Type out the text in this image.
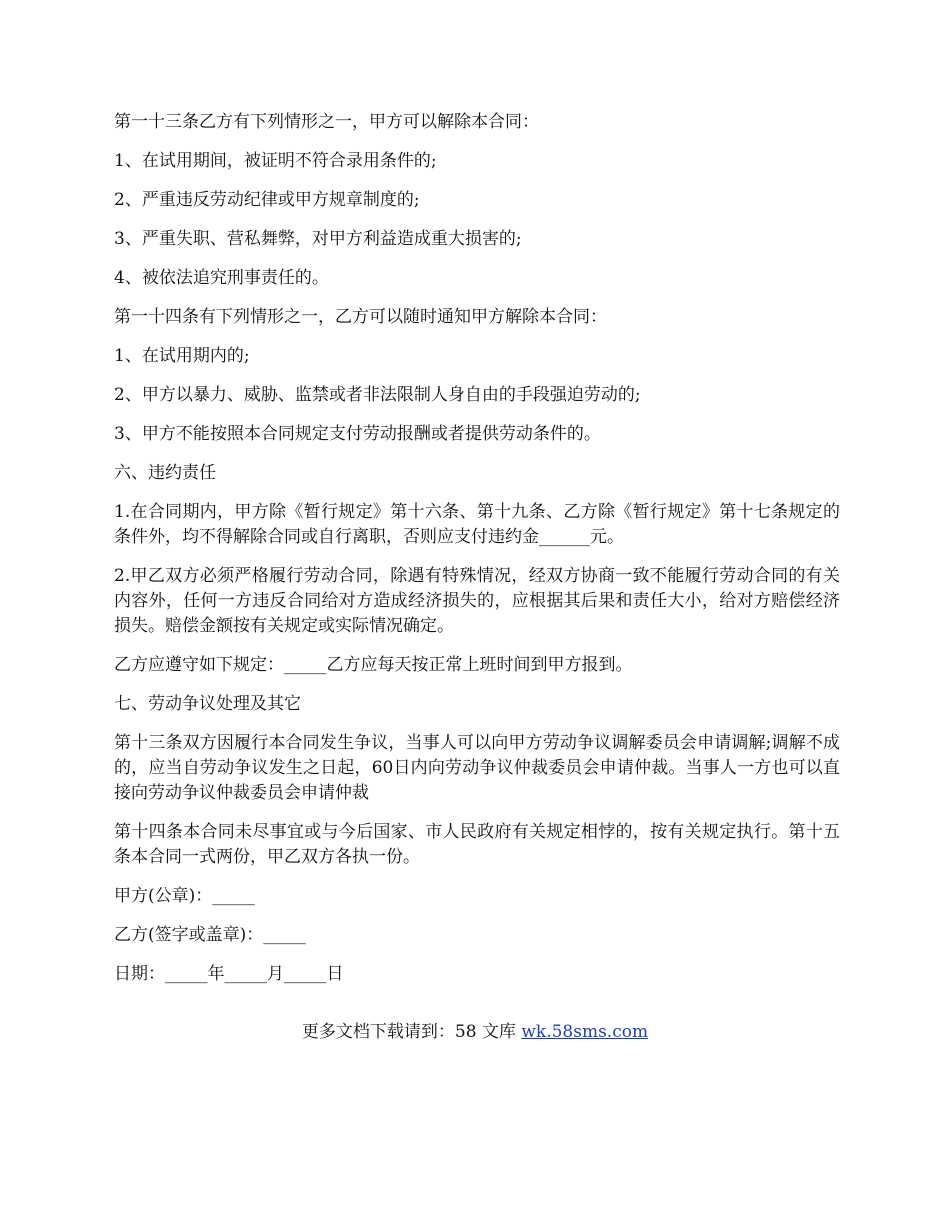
第一十三条乙方有下列情形之一，甲方可以解除本合同：

1、在试用期间，被证明不符合录用条件的;

2、严重违反劳动纪律或甲方规章制度的;

3、严重失职、营私舞弊，对甲方利益造成重大损害的;

4、被依法追究刑事责任的。

第一十四条有下列情形之一，乙方可以随时通知甲方解除本合同：

1、在试用期内的;

2、甲方以暴力、威胁、监禁或者非法限制人身自由的手段强迫劳动的;

3、甲方不能按照本合同规定支付劳动报酬或者提供劳动条件的。

六、违约责任

1.在合同期内，甲方除《暂行规定》第十六条、第十九条、乙方除《暂行规定》第十七条规定的条件外，均不得解除合同或自行离职，否则应支付违约金______元。

2.甲乙双方必须严格履行劳动合同，除遇有特殊情况，经双方协商一致不能履行劳动合同的有关内容外，任何一方违反合同给对方造成经济损失的，应根据其后果和责任大小，给对方赔偿经济损失。赔偿金额按有关规定或实际情况确定。

乙方应遵守如下规定：_____乙方应每天按正常上班时间到甲方报到。

七、劳动争议处理及其它

第十三条双方因履行本合同发生争议，当事人可以向甲方劳动争议调解委员会申请调解;调解不成的，应当自劳动争议发生之日起，60日内向劳动争议仲裁委员会申请仲裁。当事人一方也可以直接向劳动争议仲裁委员会申请仲裁

第十四条本合同未尽事宜或与今后国家、市人民政府有关规定相悖的，按有关规定执行。第十五条本合同一式两份，甲乙双方各执一份。

甲方(公章)：_____

乙方(签字或盖章)：_____

日期：_____年_____月_____日

更多文档下载请到：58 文库 wk.58sms.com
